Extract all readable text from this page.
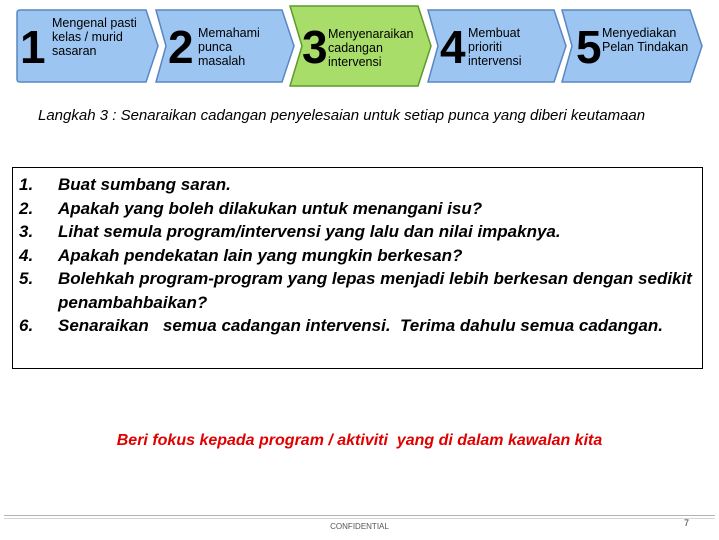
1 Mengenal pasti kelas / murid sasaran	2 Memahami punca masalah	3 Menyenaraikan cadangan intervensi	4 Membuat prioriti intervensi	5 Menyediakan Pelan Tindakan
Langkah 3 : Senaraikan cadangan penyelesaian untuk setiap punca yang diberi keutamaan
1. Buat sumbang saran.
2. Apakah yang boleh dilakukan untuk menangani isu?
3. Lihat semula program/intervensi yang lalu dan nilai impaknya.
4. Apakah pendekatan lain yang mungkin berkesan?
5. Bolehkah program-program yang lepas menjadi lebih berkesan dengan sedikit penambahbaikan?
6. Senaraikan   semua cadangan intervensi.  Terima dahulu semua cadangan.
Beri fokus kepada program / aktiviti  yang di dalam kawalan kita
CONFIDENTIAL	7
